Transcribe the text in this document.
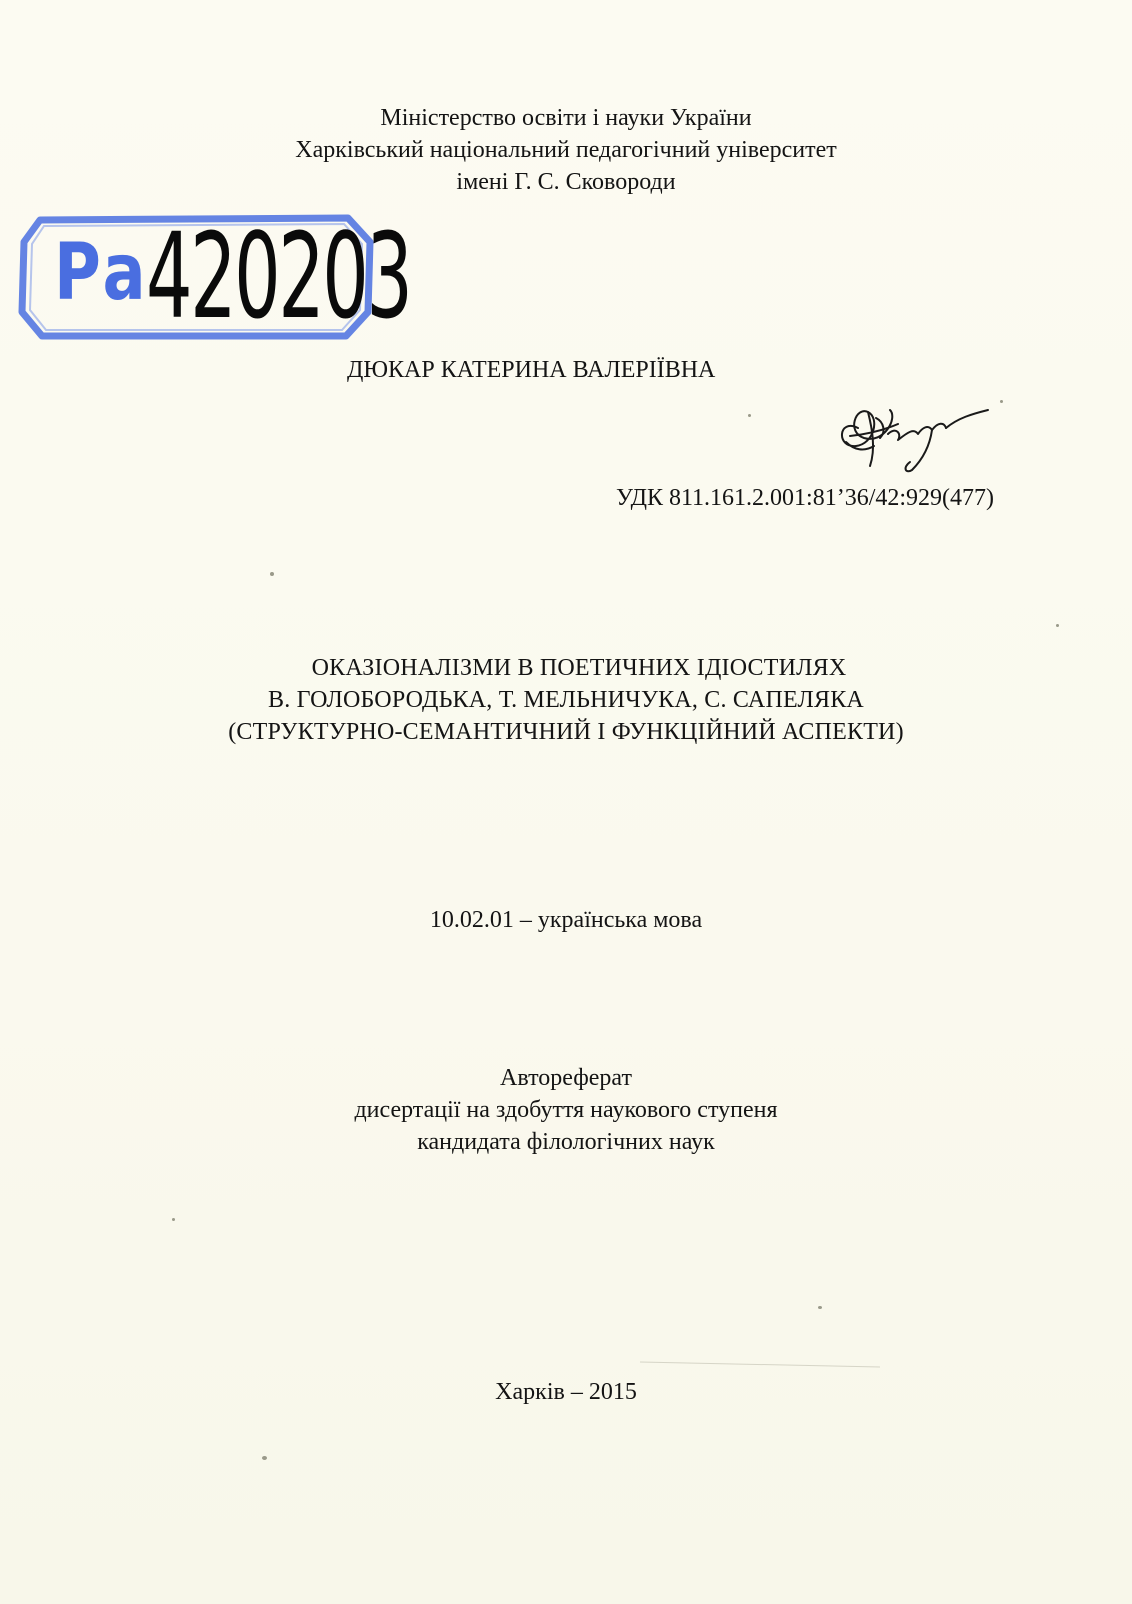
Міністерство освіти і науки України
Харківський національний педагогічний університет
імені Г. С. Сковороди
Ра
420203
ДЮКАР КАТЕРИНА ВАЛЕРІЇВНА
УДК 811.161.2.001:81’36/42:929(477)
ОКАЗІОНАЛІЗМИ В ПОЕТИЧНИХ ІДІОСТИЛЯХ
В. ГОЛОБОРОДЬКА, Т. МЕЛЬНИЧУКА, С. САПЕЛЯКА
(СТРУКТУРНО-СЕМАНТИЧНИЙ І ФУНКЦІЙНИЙ АСПЕКТИ)
10.02.01 – українська мова
Автореферат
дисертації на здобуття наукового ступеня
кандидата філологічних наук
Харків – 2015
